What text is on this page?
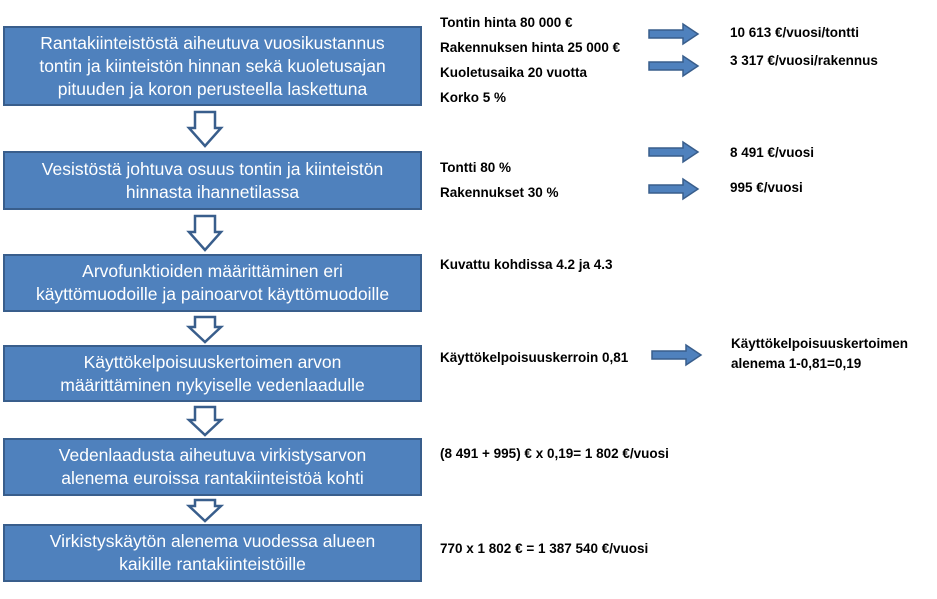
Rantakiinteistöstä aiheutuva vuosikustannus
tontin ja kiinteistön hinnan sekä kuoletusajan
pituuden ja koron perusteella laskettuna
Vesistöstä johtuva osuus tontin ja kiinteistön
hinnasta ihannetilassa
Arvofunktioiden määrittäminen eri
käyttömuodoille ja painoarvot käyttömuodoille
Käyttökelpoisuuskertoimen arvon
määrittäminen nykyiselle vedenlaadulle
Vedenlaadusta aiheutuva virkistysarvon
alenema euroissa rantakiinteistöä kohti
Virkistyskäytön alenema vuodessa alueen
kaikille rantakiinteistöille
Tontin hinta 80 000 €
Rakennuksen hinta 25 000 €
Kuoletusaika 20 vuotta
Korko 5 %
Tontti 80 %
Rakennukset 30 %
Kuvattu kohdissa 4.2 ja 4.3
Käyttökelpoisuuskerroin 0,81
(8 491 + 995) € x 0,19= 1 802 €/vuosi
770 x 1 802 € = 1 387 540 €/vuosi
10 613 €/vuosi/tontti
3 317 €/vuosi/rakennus
8 491 €/vuosi
995 €/vuosi
Käyttökelpoisuuskertoimen
alenema 1-0,81=0,19
